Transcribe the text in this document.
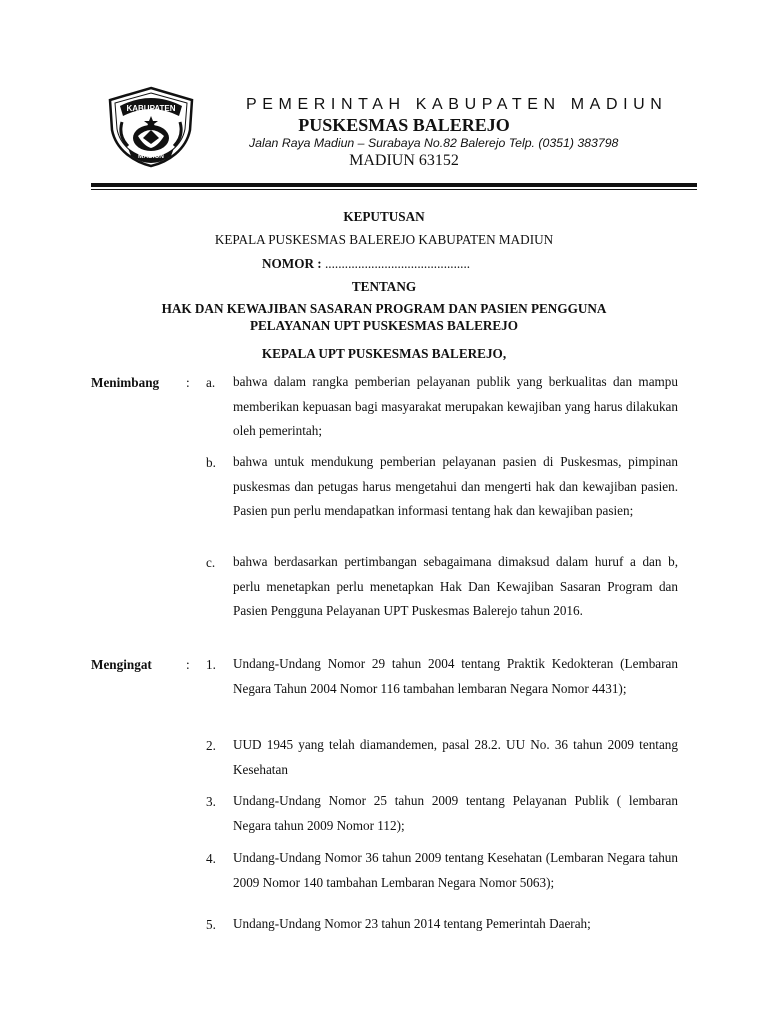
KABUPATEN
MADIUN
PEMERINTAH KABUPATEN MADIUN
PUSKESMAS BALEREJO
Jalan Raya Madiun – Surabaya No.82 Balerejo Telp. (0351) 383798
MADIUN 63152
KEPUTUSAN
KEPALA PUSKESMAS BALEREJO KABUPATEN MADIUN
NOMOR : ............................................
TENTANG
HAK DAN KEWAJIBAN SASARAN PROGRAM DAN PASIEN PENGGUNA
PELAYANAN UPT PUSKESMAS BALEREJO
KEPALA UPT PUSKESMAS BALEREJO,
Menimbang : a. bahwa dalam rangka pemberian pelayanan publik yang berkualitas dan mampu memberikan kepuasan bagi masyarakat merupakan kewajiban yang harus dilakukan oleh pemerintah;
b. bahwa untuk mendukung pemberian pelayanan pasien di Puskesmas, pimpinan puskesmas dan petugas harus mengetahui dan mengerti hak dan kewajiban pasien. Pasien pun perlu mendapatkan informasi tentang hak dan kewajiban pasien;
c. bahwa berdasarkan pertimbangan sebagaimana dimaksud dalam huruf a dan b, perlu menetapkan perlu menetapkan Hak Dan Kewajiban Sasaran Program dan Pasien Pengguna Pelayanan UPT Puskesmas Balerejo tahun 2016.
Mengingat	: 1. Undang-Undang Nomor 29 tahun 2004 tentang Praktik Kedokteran (Lembaran Negara Tahun 2004 Nomor 116 tambahan lembaran Negara Nomor 4431);
2. UUD 1945 yang telah diamandemen, pasal 28.2. UU No. 36 tahun 2009 tentang Kesehatan
3. Undang-Undang Nomor 25 tahun 2009 tentang Pelayanan Publik ( lembaran Negara tahun 2009 Nomor 112);
4. Undang-Undang Nomor 36 tahun 2009 tentang Kesehatan (Lembaran Negara tahun 2009 Nomor 140 tambahan Lembaran Negara Nomor 5063);
5. Undang-Undang Nomor 23 tahun 2014 tentang Pemerintah Daerah;
